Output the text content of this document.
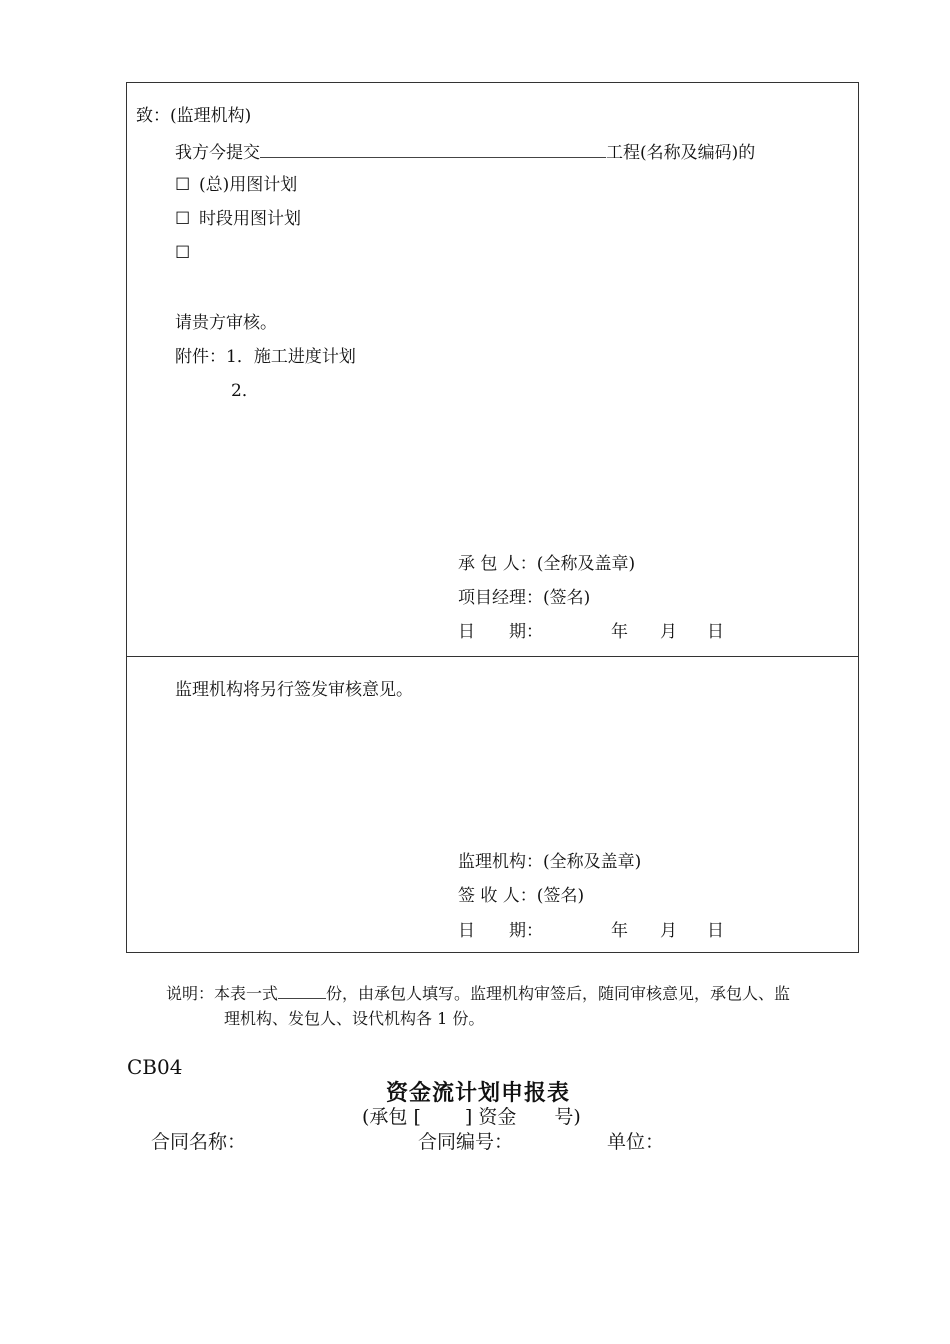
致：(监理机构)
我方今提交	工程(名称及编码)的
☐ (总)用图计划
☐ 时段用图计划
☐
请贵方审核。
附件：1．施工进度计划
2．
承 包 人：(全称及盖章)
项目经理：(签名)
日　　期：	年 月 日
监理机构将另行签发审核意见。
监理机构：(全称及盖章)
签 收 人：(签名)
日　　期：	年 月 日
说明：本表一式	份，由承包人填写。监理机构审签后，随同审核意见，承包人、监
理机构、发包人、设代机构各 1 份。
CB04
资金流计划申报表
(承包 [　　 ] 资金　　号)
合同名称：	合同编号：	单位：
